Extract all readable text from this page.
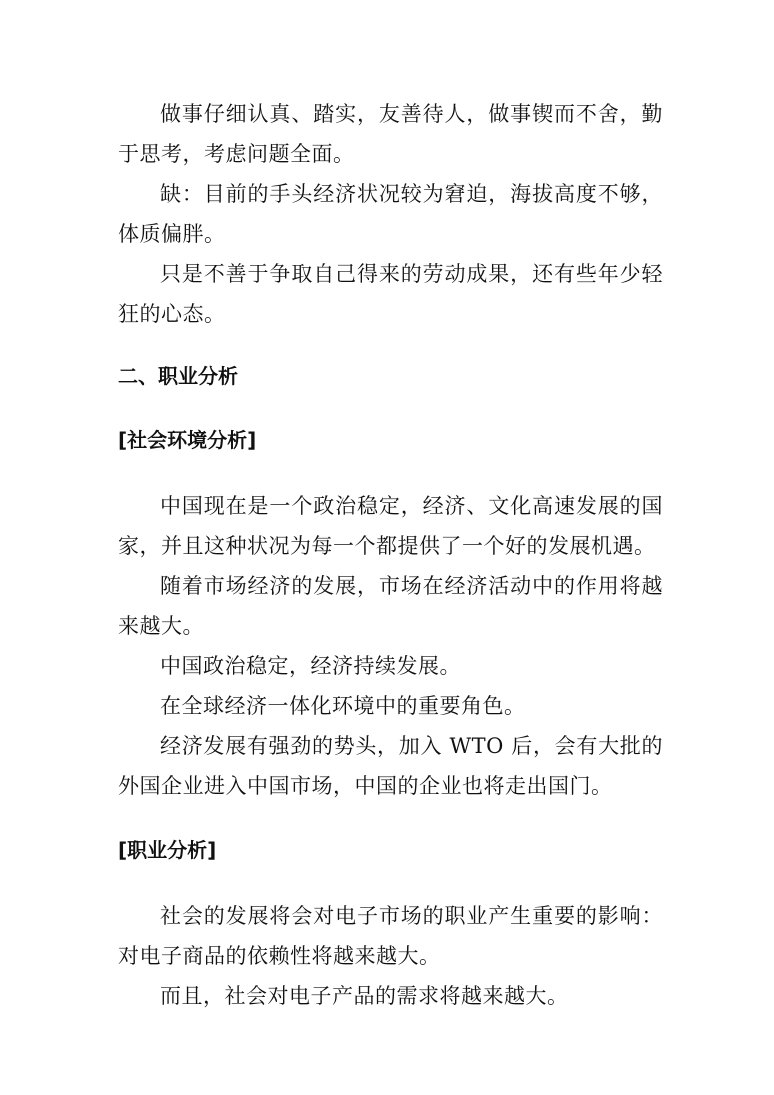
做事仔细认真、踏实，友善待人，做事锲而不舍，勤于思考，考虑问题全面。

缺：目前的手头经济状况较为窘迫，海拔高度不够，体质偏胖。

只是不善于争取自己得来的劳动成果，还有些年少轻狂的心态。

二、职业分析
[社会环境分析]

中国现在是一个政治稳定，经济、文化高速发展的国家，并且这种状况为每一个都提供了一个好的发展机遇。

随着市场经济的发展，市场在经济活动中的作用将越来越大。

中国政治稳定，经济持续发展。

在全球经济一体化环境中的重要角色。

经济发展有强劲的势头，加入 WTO 后，会有大批的外国企业进入中国市场，中国的企业也将走出国门。

[职业分析]

社会的发展将会对电子市场的职业产生重要的影响：对电子商品的依赖性将越来越大。

而且，社会对电子产品的需求将越来越大。
